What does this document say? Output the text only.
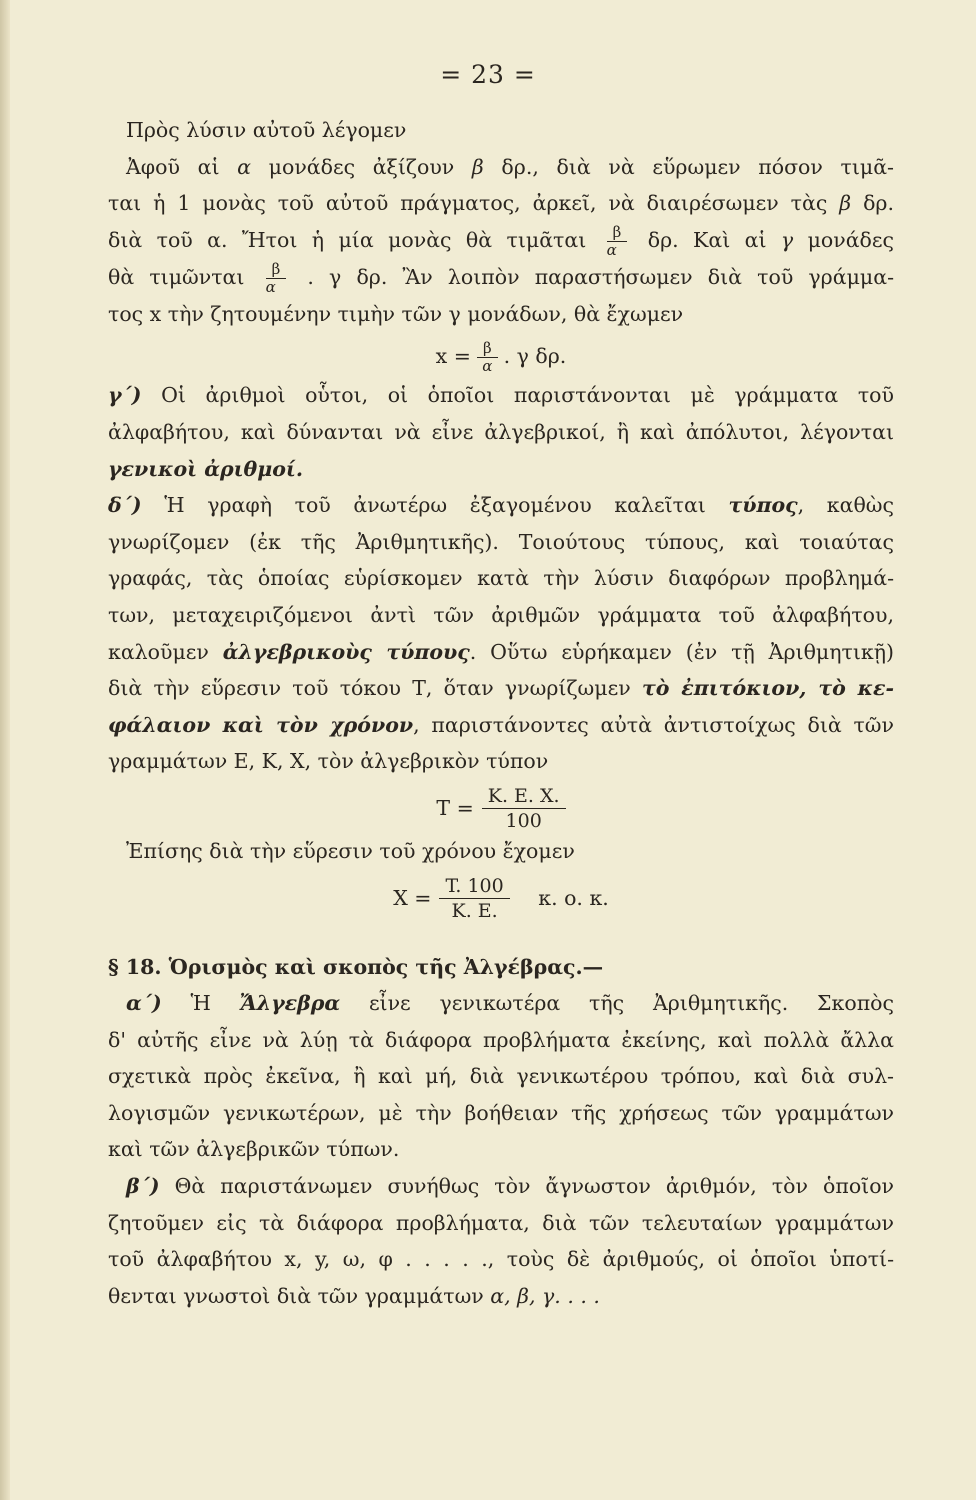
= 23 =

Πρὸς λύσιν αὐτοῦ λέγομεν

Ἀφοῦ αἱ α μονάδες ἀξίζουν β δρ., διὰ νὰ εὕρωμεν πόσον τιμᾶ-

ται ἡ 1 μονὰς τοῦ αὐτοῦ πράγματος, ἀρκεῖ, νὰ διαιρέσωμεν τὰς β δρ.

διὰ τοῦ α. Ἤτοι ἡ μία μονὰς θὰ τιμᾶται $\frac{\beta}{\alpha} \delta\rho$. Καὶ αἱ γ μονάδες

θὰ τιμῶνται $\frac{\beta}{\alpha}$ . γ δρ. Ἂν λοιπὸν παραστήσωμεν διὰ τοῦ γράμμα-

τος x τὴν ζητουμένην τιμὴν τῶν γ μονάδων, θὰ ἔχωμεν

$x = \frac{\beta}{\alpha}$ . γ δρ.

γ΄) Οἱ ἀριθμοὶ οὗτοι, οἱ ὁποῖοι παριστάνονται μὲ γράμματα τοῦ

ἀλφαβήτου, καὶ δύνανται νὰ εἶνε ἀλγεβρικοί, ἢ καὶ ἀπόλυτοι, λέγονται

γενικοὶ ἀριθμοί.

δ΄) Ἡ γραφὴ τοῦ ἀνωτέρω ἐξαγομένου καλεῖται τύπος, καθὼς

γνωρίζομεν (ἐκ τῆς Ἀριθμητικῆς). Τοιούτους τύπους, καὶ τοιαύτας

γραφάς, τὰς ὁποίας εὑρίσκομεν κατὰ τὴν λύσιν διαφόρων προβλημά-

των, μεταχειριζόμενοι ἀντὶ τῶν ἀριθμῶν γράμματα τοῦ ἀλφαβήτου,

καλοῦμεν ἀλγεβρικοὺς τύπους. Οὕτω εὑρήκαμεν (ἐν τῇ Ἀριθμητικῇ)

διὰ τὴν εὕρεσιν τοῦ τόκου Τ, ὅταν γνωρίζωμεν τὸ ἐπιτόκιον, τὸ κε-

φάλαιον καὶ τὸν χρόνον, παριστάνοντες αὐτὰ ἀντιστοίχως διὰ τῶν

γραμμάτων Ε, Κ, Χ, τὸν ἀλγεβρικὸν τύπον

$T = \frac{K. E. X.}{100}$

Ἐπίσης διὰ τὴν εὕρεσιν τοῦ χρόνου ἔχομεν

$X = \frac{T. 100}{K. E.} \kappa$. ο. κ.

§ 18. Ὁρισμὸς καὶ σκοπὸς τῆς Ἀλγέβρας.—

α΄) Ἡ Ἄλγεβρα εἶνε γενικωτέρα τῆς Ἀριθμητικῆς. Σκοπὸς

δ' αὐτῆς εἶνε νὰ λύῃ τὰ διάφορα προβλήματα ἐκείνης, καὶ πολλὰ ἄλλα

σχετικὰ πρὸς ἐκεῖνα, ἢ καὶ μή, διὰ γενικωτέρου τρόπου, καὶ διὰ συλ-

λογισμῶν γενικωτέρων, μὲ τὴν βοήθειαν τῆς χρήσεως τῶν γραμμάτων

καὶ τῶν ἀλγεβρικῶν τύπων.

β΄) Θὰ παριστάνωμεν συνήθως τὸν ἄγνωστον ἀριθμόν, τὸν ὁποῖον

ζητοῦμεν εἰς τὰ διάφορα προβλήματα, διὰ τῶν τελευταίων γραμμάτων

τοῦ ἀλφαβήτου x, y, ω, φ . . . . ., τοὺς δὲ ἀριθμούς, οἱ ὁποῖοι ὑποτί-

θενται γνωστοὶ διὰ τῶν γραμμάτων α, β, γ. . . .
